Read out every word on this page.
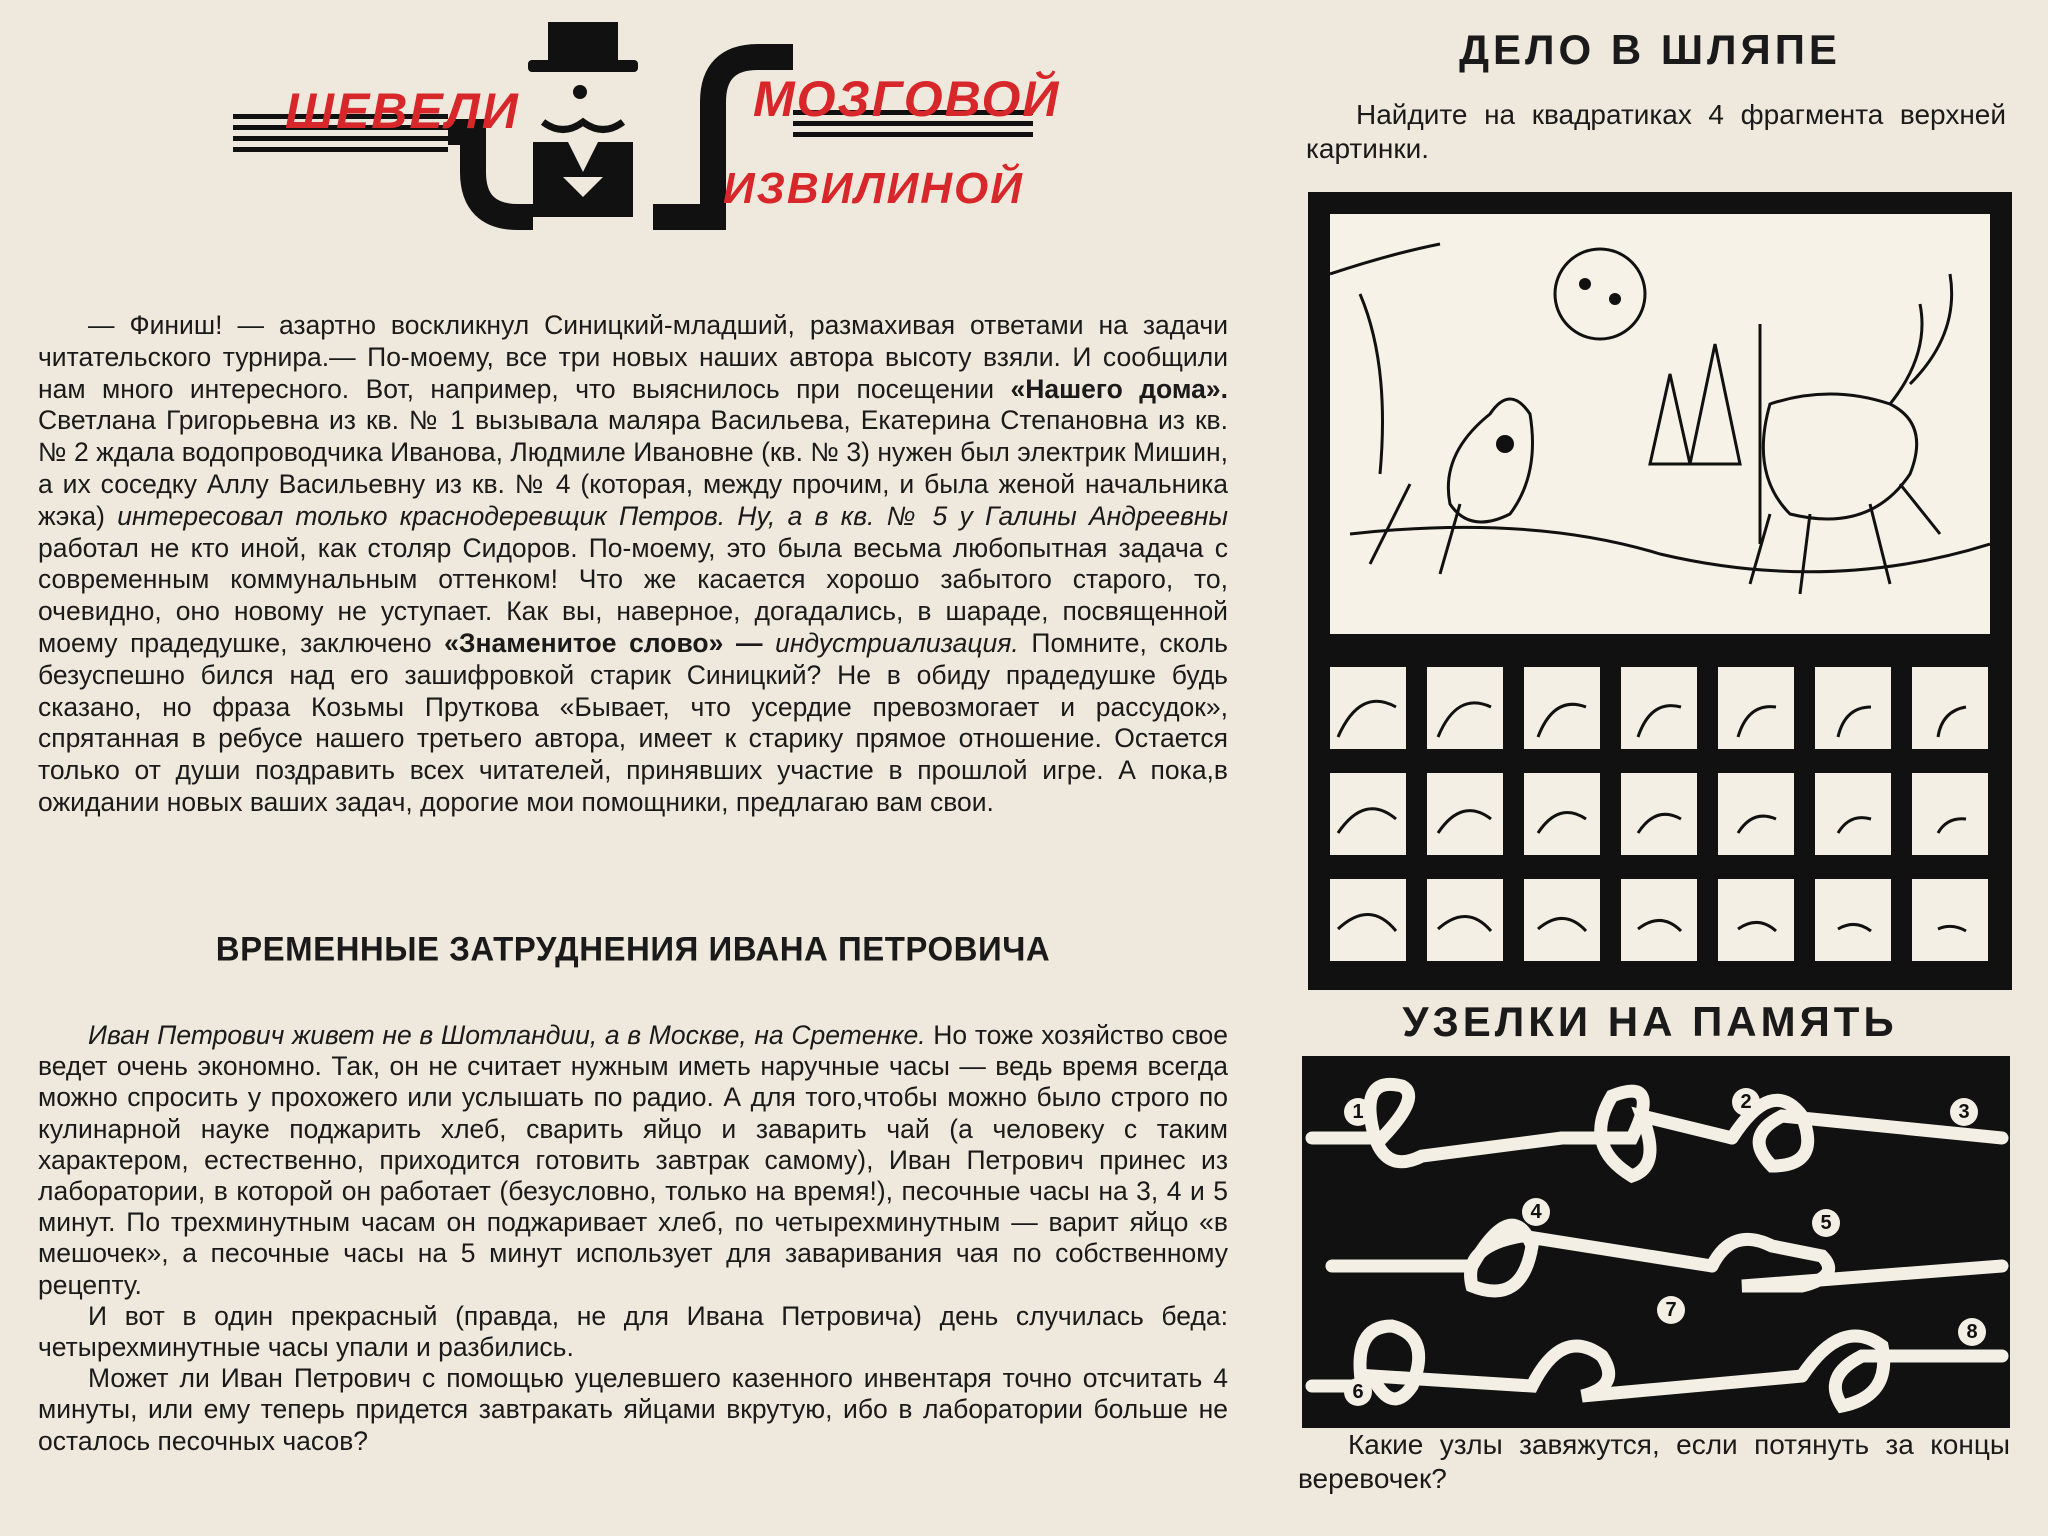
ШЕВЕЛИ	МОЗГОВОЙ
ИЗВИЛИНОЙ

— Финиш! — азартно воскликнул Синицкий-младший, размахивая ответами на задачи читательского турнира.— По-моему, все три новых наших автора высоту взяли. И сообщили нам много интересного. Вот, например, что выяснилось при посещении «Нашего дома». Светлана Григорьевна из кв. № 1 вызывала маляра Васильева, Екатерина Степановна из кв. № 2 ждала водопроводчика Иванова, Людмиле Ивановне (кв. № 3) нужен был электрик Мишин, а их соседку Аллу Васильевну из кв. № 4 (которая, между прочим, и была женой начальника жэка) интересовал только краснодеревщик Петров. Ну, а в кв. № 5 у Галины Андреевны работал не кто иной, как столяр Сидоров. По-моему, это была весьма любопытная задача с современным коммунальным оттенком! Что же касается хорошо забытого старого, то, очевидно, оно новому не уступает. Как вы, наверное, догадались, в шараде, посвященной моему прадедушке, заключено «Знаменитое слово» — индустриализация. Помните, сколь безуспешно бился над его зашифровкой старик Синицкий? Не в обиду прадедушке будь сказано, но фраза Козьмы Пруткова «Бывает, что усердие превозмогает и рассудок», спрятанная в ребусе нашего третьего автора, имеет к старику прямое отношение. Остается только от души поздравить всех читателей, принявших участие в прошлой игре. А пока,в ожидании новых ваших задач, дорогие мои помощники, предлагаю вам свои.

ВРЕМЕННЫЕ ЗАТРУДНЕНИЯ ИВАНА ПЕТРОВИЧА

Иван Петрович живет не в Шотландии, а в Москве, на Сретенке. Но тоже хозяйство свое ведет очень экономно. Так, он не считает нужным иметь наручные часы — ведь время всегда можно спросить у прохожего или услышать по радио. А для того,чтобы можно было строго по кулинарной науке поджарить хлеб, сварить яйцо и заварить чай (а человеку с таким характером, естественно, приходится готовить завтрак самому), Иван Петрович принес из лаборатории, в которой он работает (безусловно, только на время!), песочные часы на 3, 4 и 5 минут. По трехминутным часам он поджаривает хлеб, по четырехминутным — варит яйцо «в мешочек», а песочные часы на 5 минут использует для заваривания чая по собственному рецепту.

И вот в один прекрасный (правда, не для Ивана Петровича) день случилась беда: четырехминутные часы упали и разбились.

Может ли Иван Петрович с помощью уцелевшего казенного инвентаря точно отсчитать 4 минуты, или ему теперь придется завтракать яйцами вкрутую, ибо в лаборатории больше не осталось песочных часов?

ДЕЛО В ШЛЯПЕ

Найдите на квадратиках 4 фрагмента верхней картинки.

УЗЕЛКИ НА ПАМЯТЬ
1	2	3
4	5
6
7
8

Какие узлы завяжутся, если потянуть за концы веревочек?
